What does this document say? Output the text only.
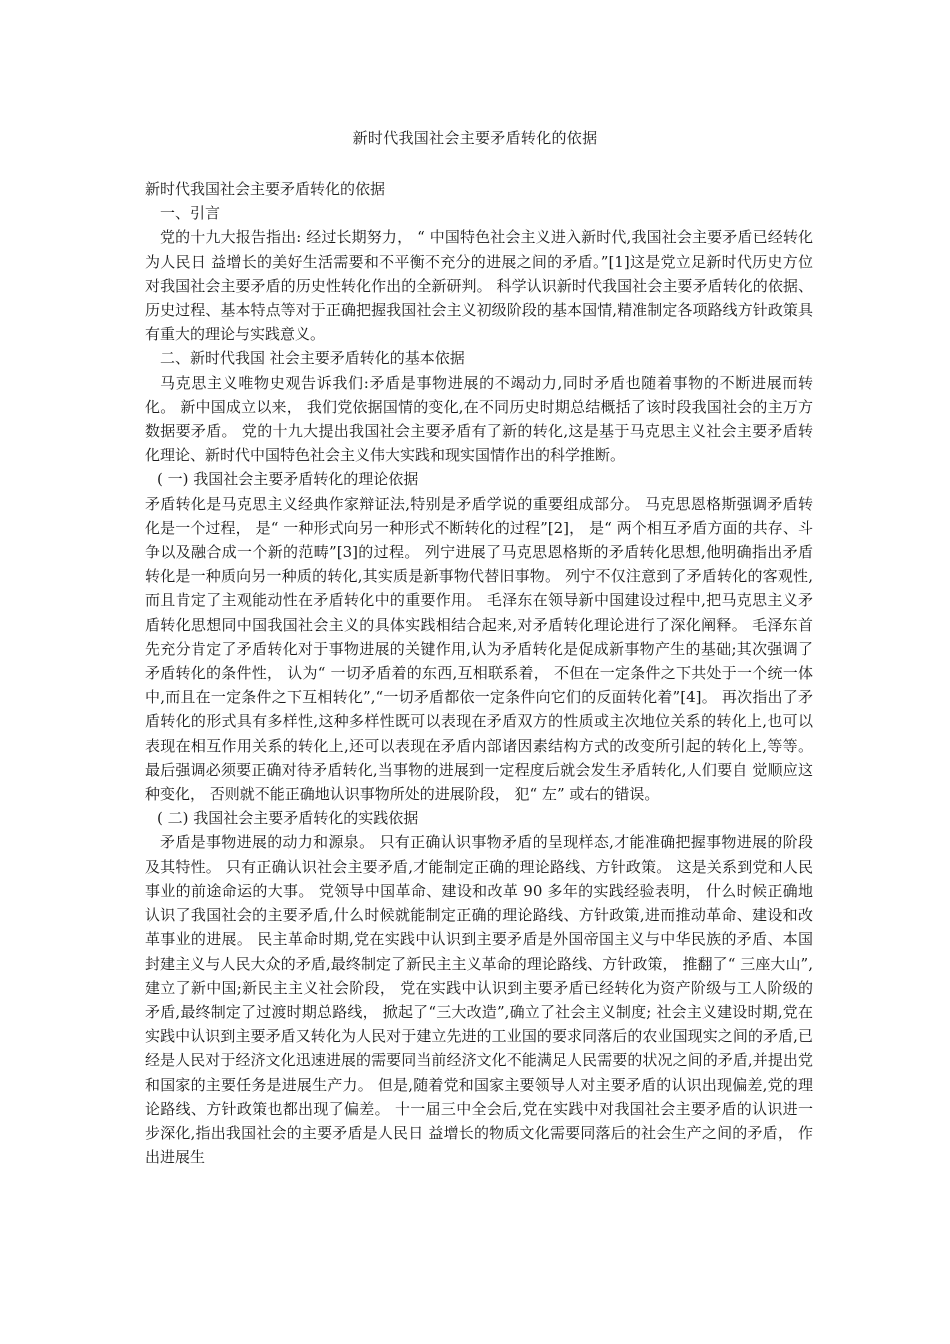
新时代我国社会主要矛盾转化的依据

新时代我国社会主要矛盾转化的依据

一、引言

党的十九大报告指出: 经过长期努力， “ 中国特色社会主义进入新时代,我国社会主要矛盾已经转化为人民日 益增长的美好生活需要和不平衡不充分的进展之间的矛盾。”[1]这是党立足新时代历史方位对我国社会主要矛盾的历史性转化作出的全新研判。 科学认识新时代我国社会主要矛盾转化的依据、历史过程、基本特点等对于正确把握我国社会主义初级阶段的基本国情,精准制定各项路线方针政策具有重大的理论与实践意义。

二、新时代我国 社会主要矛盾转化的基本依据

马克思主义唯物史观告诉我们:矛盾是事物进展的不竭动力,同时矛盾也随着事物的不断进展而转化。 新中国成立以来， 我们党依据国情的变化,在不同历史时期总结概括了该时段我国社会的主万方数据要矛盾。 党的十九大提出我国社会主要矛盾有了新的转化,这是基于马克思主义社会主要矛盾转化理论、新时代中国特色社会主义伟大实践和现实国情作出的科学推断。

( 一) 我国社会主要矛盾转化的理论依据

矛盾转化是马克思主义经典作家辩证法,特别是矛盾学说的重要组成部分。 马克思恩格斯强调矛盾转化是一个过程， 是“ 一种形式向另一种形式不断转化的过程”[2]， 是“ 两个相互矛盾方面的共存、斗争以及融合成一个新的范畴”[3]的过程。 列宁进展了马克思恩格斯的矛盾转化思想,他明确指出矛盾转化是一种质向另一种质的转化,其实质是新事物代替旧事物。 列宁不仅注意到了矛盾转化的客观性,而且肯定了主观能动性在矛盾转化中的重要作用。 毛泽东在领导新中国建设过程中,把马克思主义矛盾转化思想同中国我国社会主义的具体实践相结合起来,对矛盾转化理论进行了深化阐释。 毛泽东首先充分肯定了矛盾转化对于事物进展的关键作用,认为矛盾转化是促成新事物产生的基础;其次强调了矛盾转化的条件性， 认为“ 一切矛盾着的东西,互相联系着， 不但在一定条件之下共处于一个统一体中,而且在一定条件之下互相转化”,“一切矛盾都依一定条件向它们的反面转化着”[4]。 再次指出了矛盾转化的形式具有多样性,这种多样性既可以表现在矛盾双方的性质或主次地位关系的转化上,也可以表现在相互作用关系的转化上,还可以表现在矛盾内部诸因素结构方式的改变所引起的转化上,等等。 最后强调必须要正确对待矛盾转化,当事物的进展到一定程度后就会发生矛盾转化,人们要自 觉顺应这种变化， 否则就不能正确地认识事物所处的进展阶段， 犯“ 左” 或右的错误。

( 二) 我国社会主要矛盾转化的实践依据

矛盾是事物进展的动力和源泉。 只有正确认识事物矛盾的呈现样态,才能准确把握事物进展的阶段及其特性。 只有正确认识社会主要矛盾,才能制定正确的理论路线、方针政策。 这是关系到党和人民事业的前途命运的大事。 党领导中国革命、建设和改革 90 多年的实践经验表明， 什么时候正确地认识了我国社会的主要矛盾,什么时候就能制定正确的理论路线、方针政策,进而推动革命、建设和改革事业的进展。 民主革命时期,党在实践中认识到主要矛盾是外国帝国主义与中华民族的矛盾、本国封建主义与人民大众的矛盾,最终制定了新民主主义革命的理论路线、方针政策， 推翻了“ 三座大山”,建立了新中国;新民主主义社会阶段， 党在实践中认识到主要矛盾已经转化为资产阶级与工人阶级的矛盾,最终制定了过渡时期总路线， 掀起了“三大改造”,确立了社会主义制度; 社会主义建设时期,党在实践中认识到主要矛盾又转化为人民对于建立先进的工业国的要求同落后的农业国现实之间的矛盾,已经是人民对于经济文化迅速进展的需要同当前经济文化不能满足人民需要的状况之间的矛盾,并提出党和国家的主要任务是进展生产力。 但是,随着党和国家主要领导人对主要矛盾的认识出现偏差,党的理论路线、方针政策也都出现了偏差。 十一届三中全会后,党在实践中对我国社会主要矛盾的认识进一步深化,指出我国社会的主要矛盾是人民日 益增长的物质文化需要同落后的社会生产之间的矛盾， 作出进展生
